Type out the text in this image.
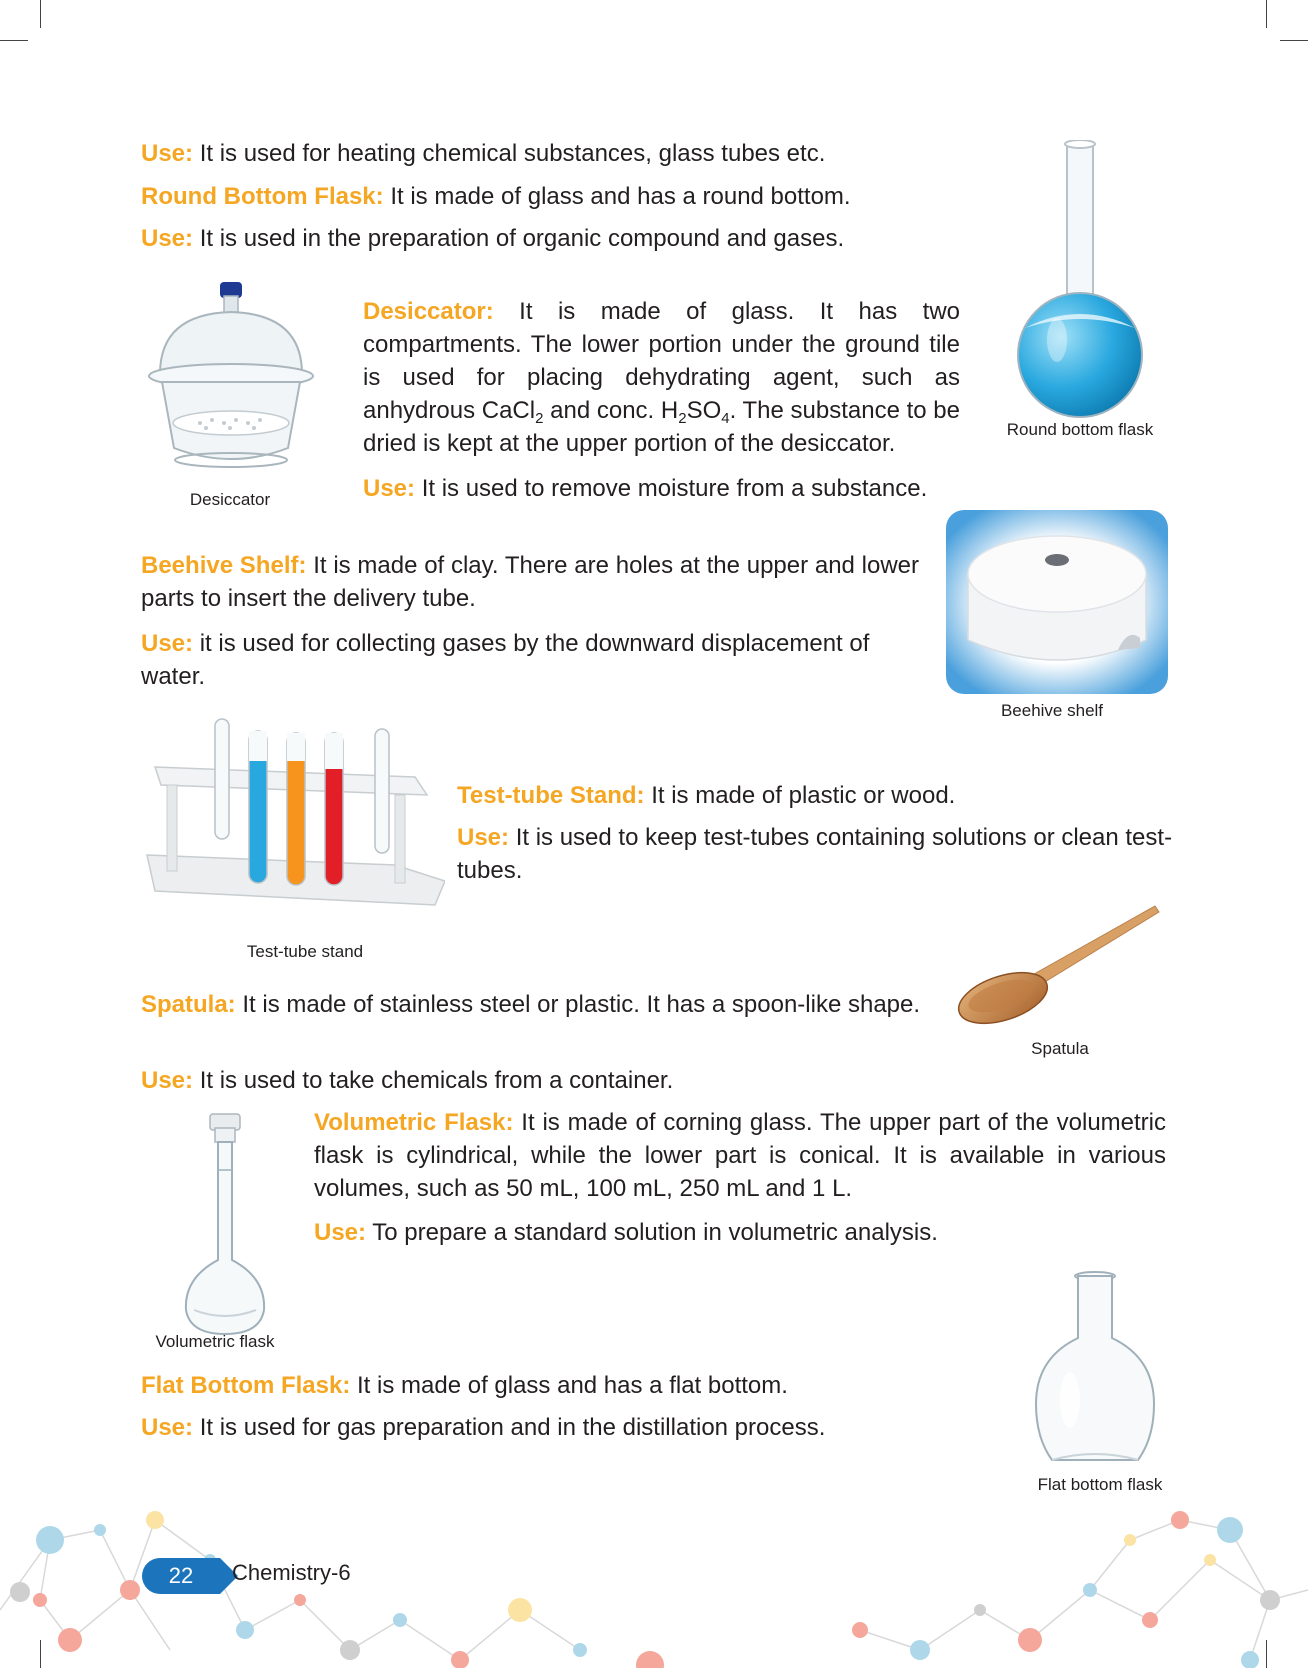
Use: It is used for heating chemical substances, glass tubes etc.

Round Bottom Flask: It is made of glass and has a round bottom.

Use: It is used in the preparation of organic compound and gases.

Round bottom flask
Desiccator

Desiccator: It is made of glass. It has two compartments. The lower portion under the ground tile is used for placing dehydrating agent, such as anhydrous CaCl$_2$ and conc. $H_2SO_4$. The substance to be dried is kept at the upper portion of the desiccator.

Use: It is used to remove moisture from a substance.

Beehive Shelf: It is made of clay. There are holes at the upper and lower parts to insert the delivery tube.

Use: it is used for collecting gases by the downward displacement of water.

Beehive shelf
Test-tube stand

Test-tube Stand: It is made of plastic or wood.

Use: It is used to keep test-tubes containing solutions or clean test-tubes.

Spatula: It is made of stainless steel or plastic. It has a spoon-like shape.

Use: It is used to take chemicals from a container.

Spatula
Volumetric flask

Volumetric Flask: It is made of corning glass. The upper part of the volumetric flask is cylindrical, while the lower part is conical. It is available in various volumes, such as 50 mL, 100 mL, 250 mL and 1 L.

Use: To prepare a standard solution in volumetric analysis.

Flat Bottom Flask: It is made of glass and has a flat bottom.

Use: It is used for gas preparation and in the distillation process.

Flat bottom flask
22	Chemistry-6
